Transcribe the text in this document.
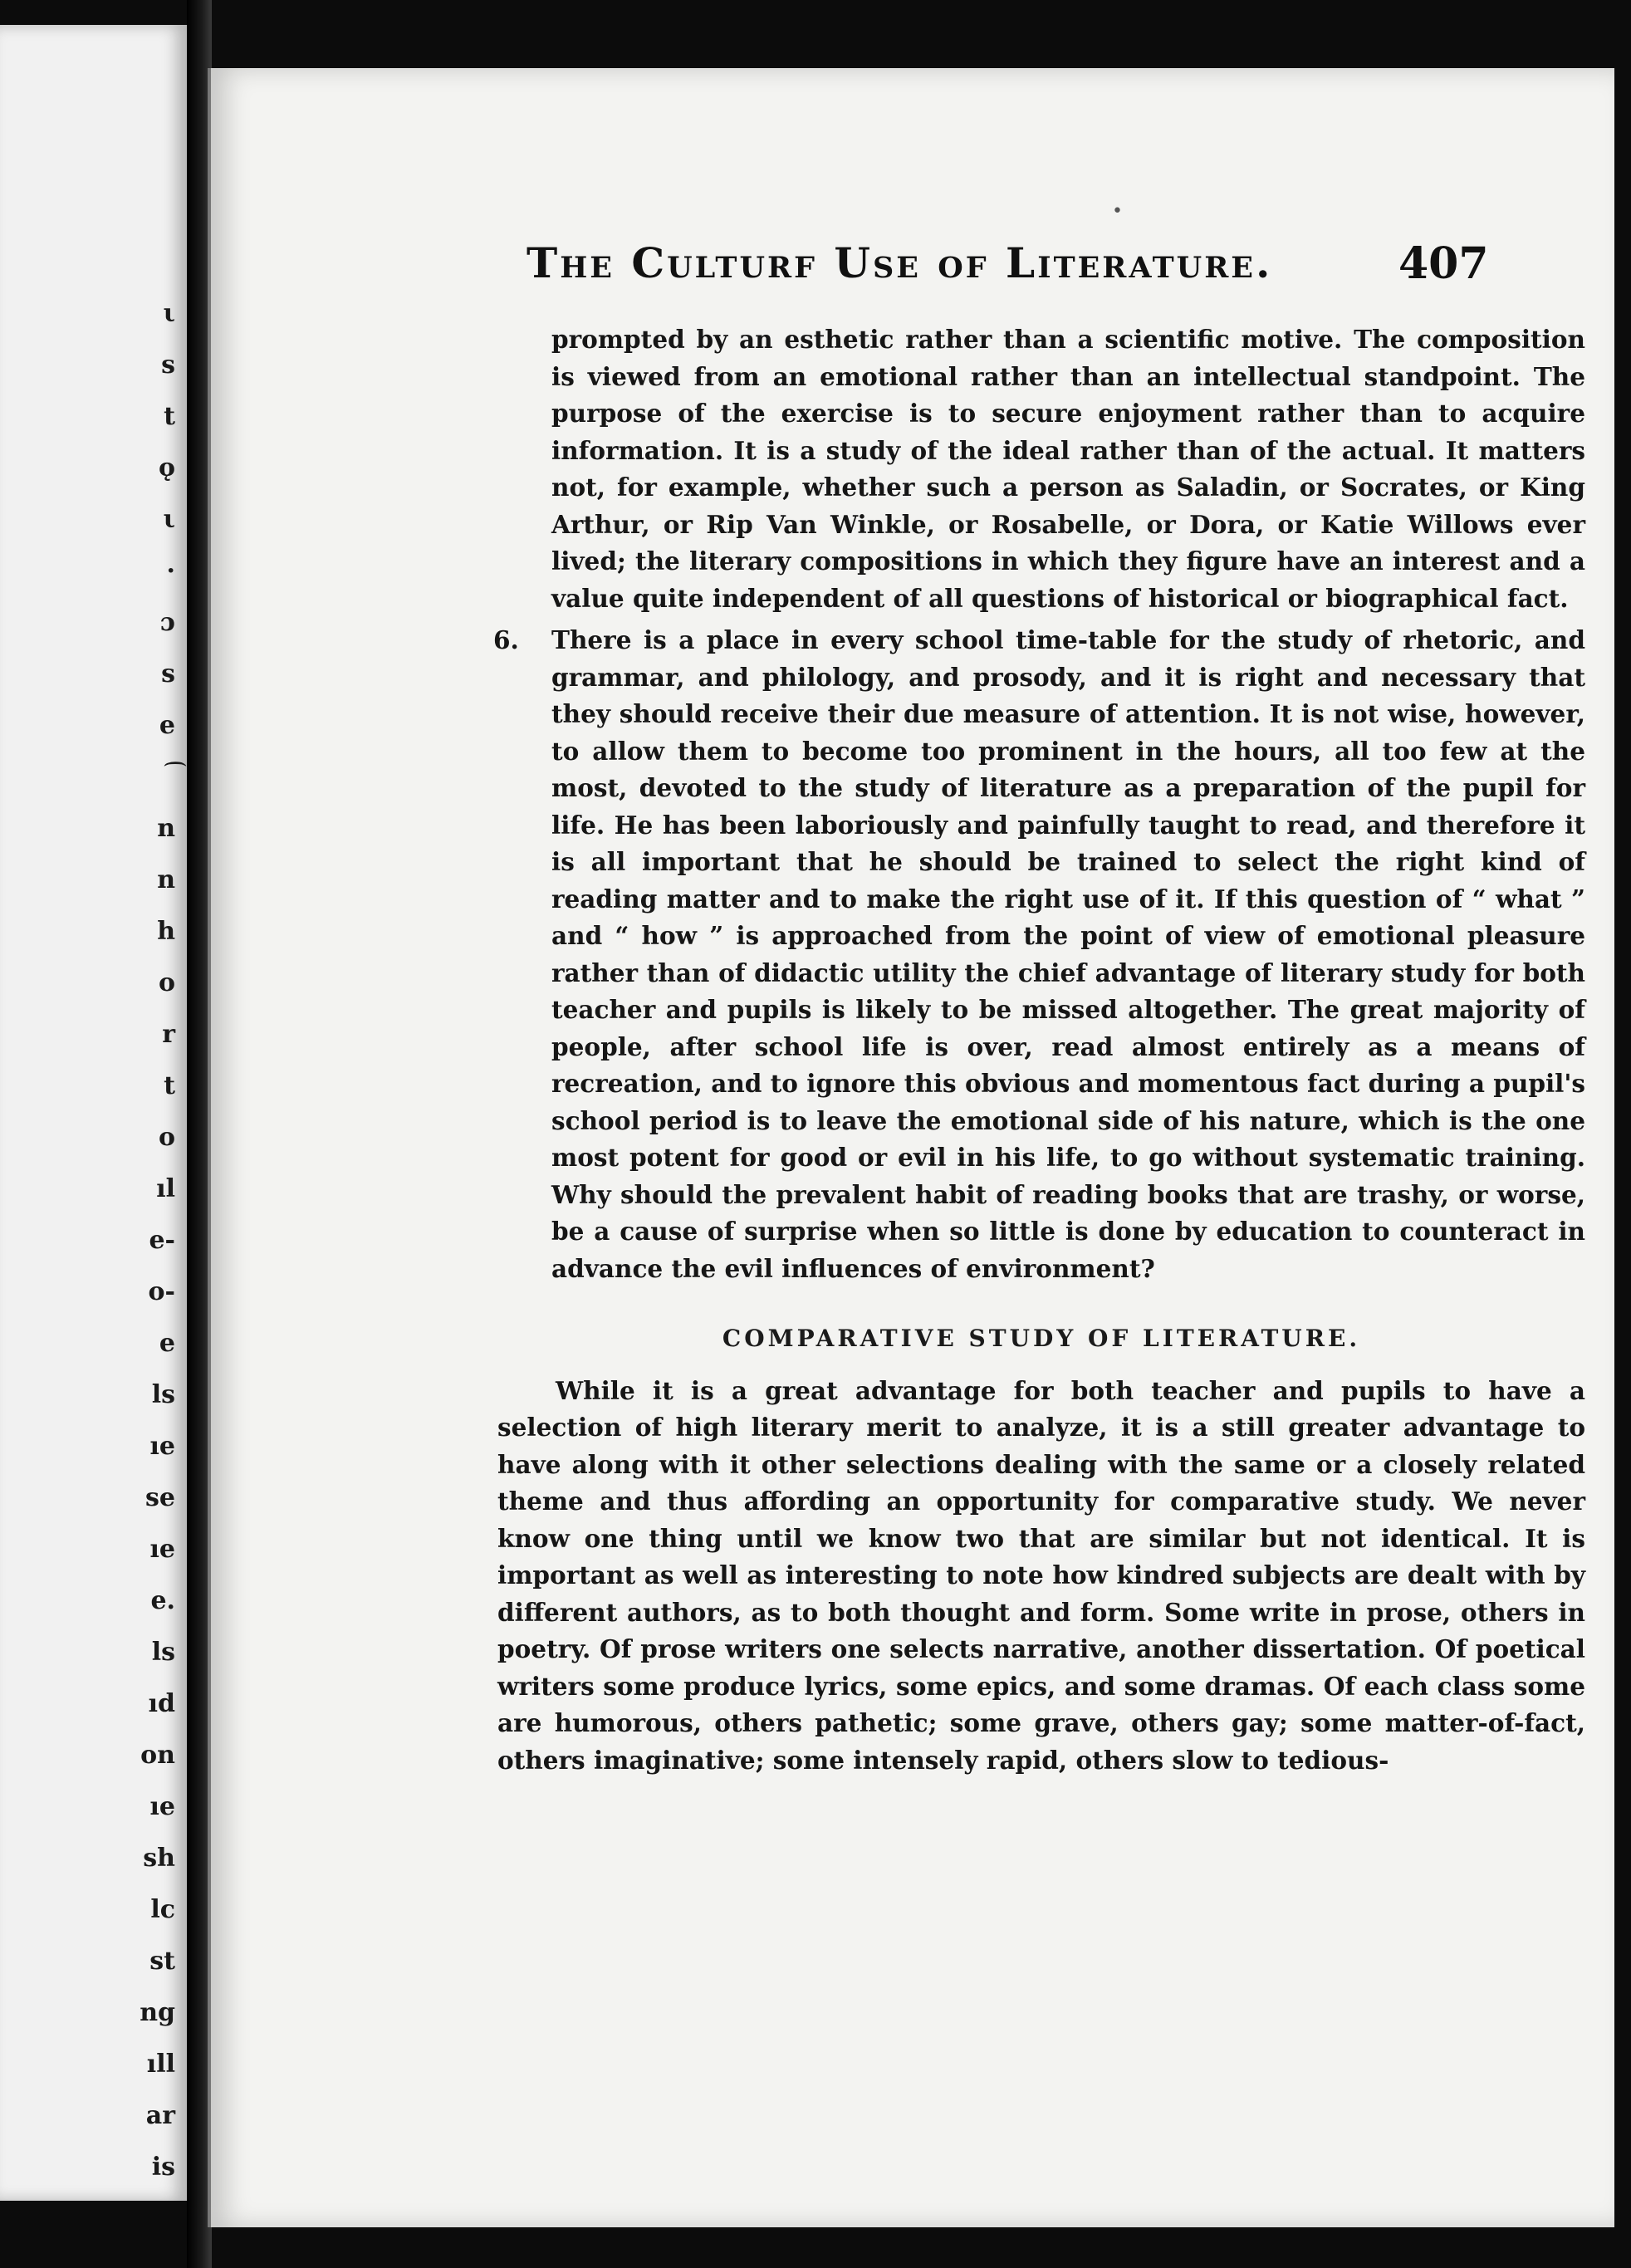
ι
s
t
ǫ
ι
·
ɔ
s
e
n
n
h
o
r
t
o
ıl
e-
o-
e
ls
ıe
se
ıe
e.
ls
ıd
on
ıe
sh
lc
st
ng
ıll
ar
is
•
The Culturf Use of Literature.	407

prompted by an esthetic rather than a scientific motive. The composition is viewed from an emotional rather than an intellectual standpoint. The purpose of the exercise is to secure enjoyment rather than to acquire information. It is a study of the ideal rather than of the actual. It matters not, for example, whether such a person as Saladin, or Socrates, or King Arthur, or Rip Van Winkle, or Rosabelle, or Dora, or Katie Willows ever lived; the literary compositions in which they figure have an interest and a value quite independent of all questions of historical or biographical fact.

6. There is a place in every school time-table for the study of rhetoric, and grammar, and philology, and prosody, and it is right and necessary that they should receive their due measure of attention. It is not wise, however, to allow them to become too prominent in the hours, all too few at the most, devoted to the study of literature as a preparation of the pupil for life. He has been laboriously and painfully taught to read, and therefore it is all important that he should be trained to select the right kind of reading matter and to make the right use of it. If this question of “ what ” and “ how ” is approached from the point of view of emotional pleasure rather than of didactic utility the chief advantage of literary study for both teacher and pupils is likely to be missed altogether. The great majority of people, after school life is over, read almost entirely as a means of recreation, and to ignore this obvious and momentous fact during a pupil's school period is to leave the emotional side of his nature, which is the one most potent for good or evil in his life, to go without systematic training. Why should the prevalent habit of reading books that are trashy, or worse, be a cause of surprise when so little is done by education to counteract in advance the evil influences of environment?

COMPARATIVE STUDY OF LITERATURE.

While it is a great advantage for both teacher and pupils to have a selection of high literary merit to analyze, it is a still greater advantage to have along with it other selections dealing with the same or a closely related theme and thus affording an opportunity for comparative study. We never know one thing until we know two that are similar but not identical. It is important as well as interesting to note how kindred subjects are dealt with by different authors, as to both thought and form. Some write in prose, others in poetry. Of prose writers one selects narrative, another dissertation. Of poetical writers some produce lyrics, some epics, and some dramas. Of each class some are humorous, others pathetic; some grave, others gay; some matter-of-fact, others imaginative; some intensely rapid, others slow to tedious-
